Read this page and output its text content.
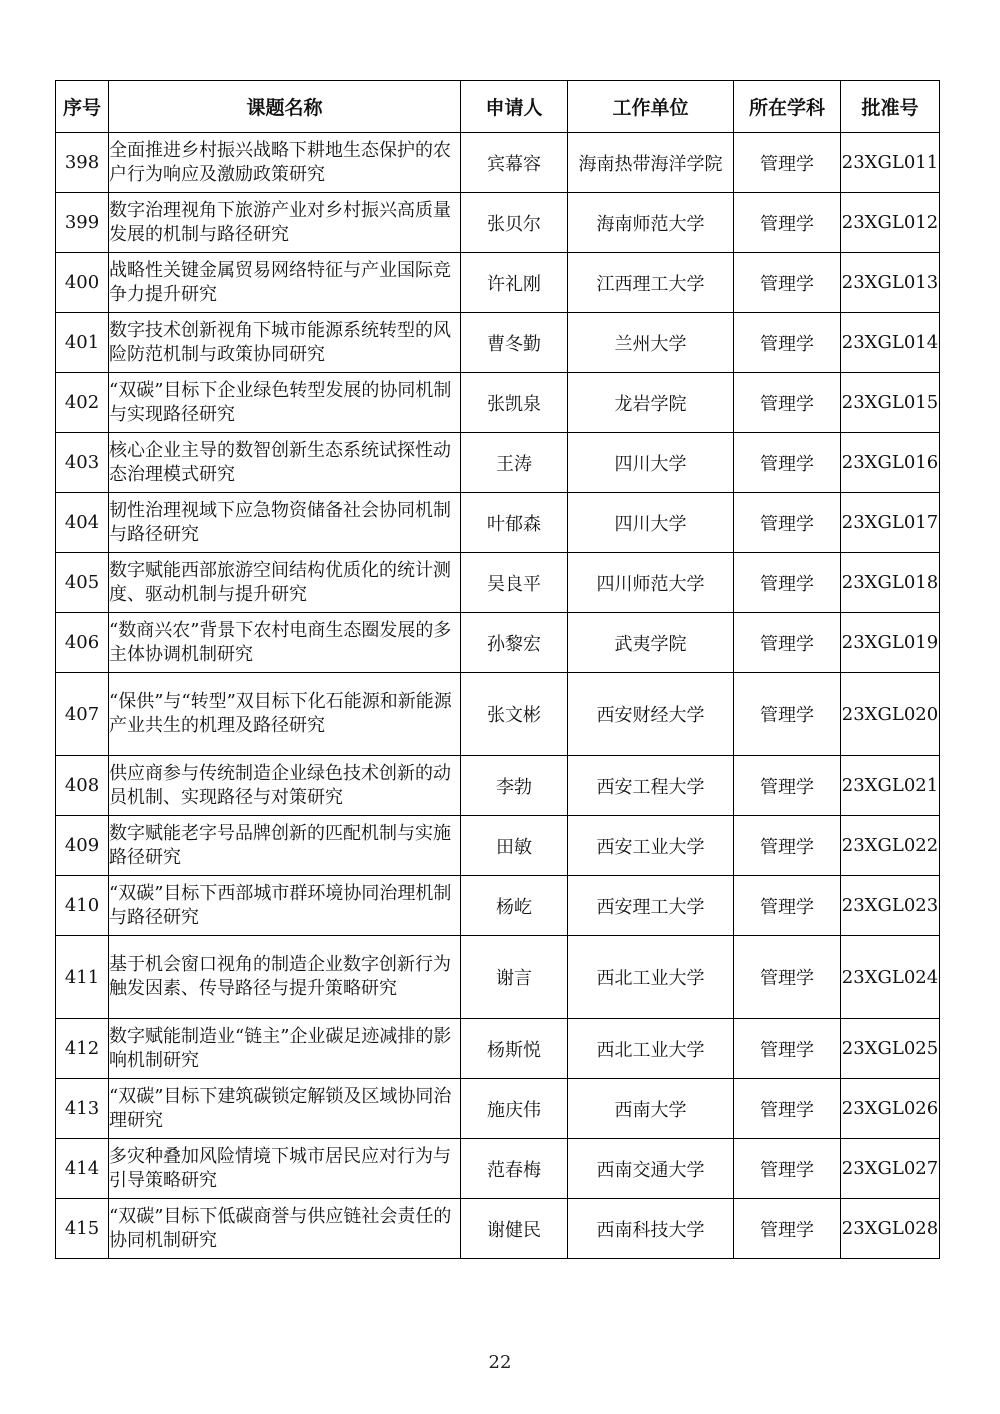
序号	课题名称	申请人	工作单位	所在学科	批准号
398	全面推进乡村振兴战略下耕地生态保护的农户行为响应及激励政策研究	宾幕容	海南热带海洋学院	管理学	23XGL011
399	数字治理视角下旅游产业对乡村振兴高质量发展的机制与路径研究	张贝尔	海南师范大学	管理学	23XGL012
400	战略性关键金属贸易网络特征与产业国际竞争力提升研究	许礼刚	江西理工大学	管理学	23XGL013
401	数字技术创新视角下城市能源系统转型的风险防范机制与政策协同研究	曹冬勤	兰州大学	管理学	23XGL014
402	“双碳”目标下企业绿色转型发展的协同机制与实现路径研究	张凯泉	龙岩学院	管理学	23XGL015
403	核心企业主导的数智创新生态系统试探性动态治理模式研究	王涛	四川大学	管理学	23XGL016
404	韧性治理视域下应急物资储备社会协同机制与路径研究	叶郁森	四川大学	管理学	23XGL017
405	数字赋能西部旅游空间结构优质化的统计测度、驱动机制与提升研究	吴良平	四川师范大学	管理学	23XGL018
406	“数商兴农”背景下农村电商生态圈发展的多主体协调机制研究	孙黎宏	武夷学院	管理学	23XGL019
407	“保供”与“转型”双目标下化石能源和新能源产业共生的机理及路径研究	张文彬	西安财经大学	管理学	23XGL020
408	供应商参与传统制造企业绿色技术创新的动员机制、实现路径与对策研究	李勃	西安工程大学	管理学	23XGL021
409	数字赋能老字号品牌创新的匹配机制与实施路径研究	田敏	西安工业大学	管理学	23XGL022
410	“双碳”目标下西部城市群环境协同治理机制与路径研究	杨屹	西安理工大学	管理学	23XGL023
411	基于机会窗口视角的制造企业数字创新行为触发因素、传导路径与提升策略研究	谢言	西北工业大学	管理学	23XGL024
412	数字赋能制造业“链主”企业碳足迹减排的影响机制研究	杨斯悦	西北工业大学	管理学	23XGL025
413	“双碳”目标下建筑碳锁定解锁及区域协同治理研究	施庆伟	西南大学	管理学	23XGL026
414	多灾种叠加风险情境下城市居民应对行为与引导策略研究	范春梅	西南交通大学	管理学	23XGL027
415	“双碳”目标下低碳商誉与供应链社会责任的协同机制研究	谢健民	西南科技大学	管理学	23XGL028
22
